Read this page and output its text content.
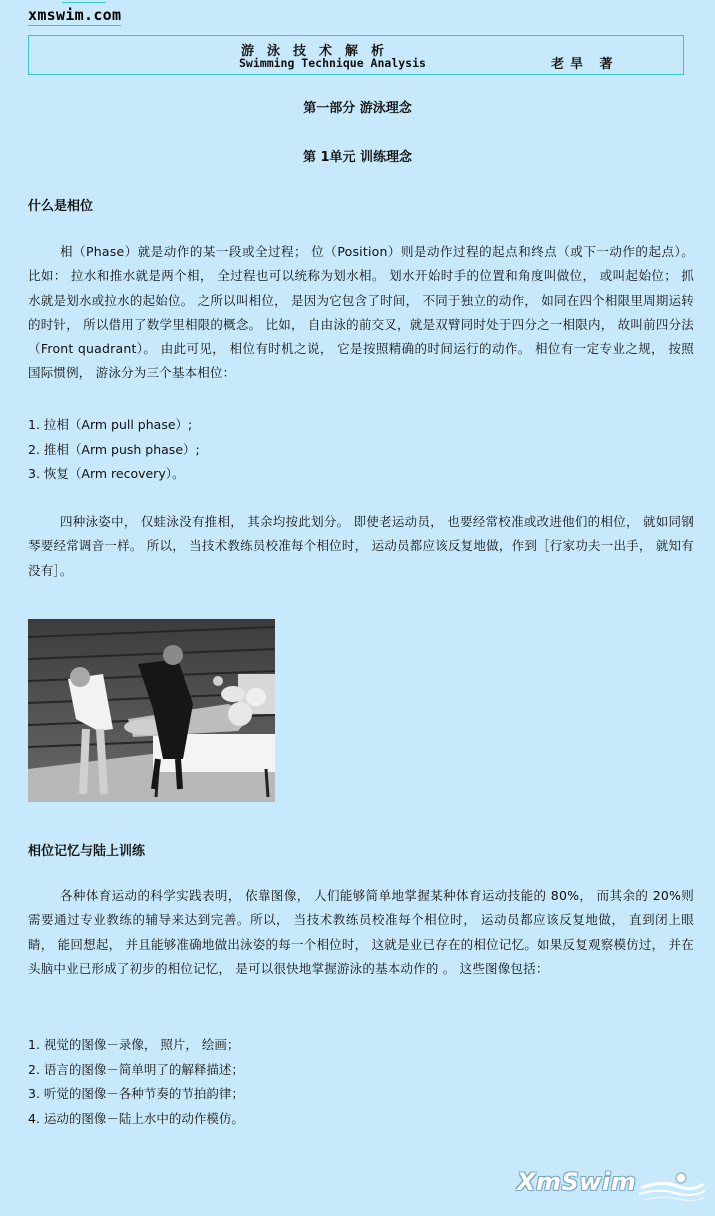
xmswim.com
游泳技术解析
Swimming Technique Analysis	老旱 著
第一部分 游泳理念
第 1单元 训练理念
什么是相位

相（Phase）就是动作的某一段或全过程； 位（Position）则是动作过程的起点和终点（或下一动作的起点）。 比如： 拉水和推水就是两个相， 全过程也可以统称为划水相。 划水开始时手的位置和角度叫做位， 或叫起始位； 抓水就是划水或拉水的起始位。 之所以叫相位， 是因为它包含了时间， 不同于独立的动作， 如同在四个相限里周期运转的时针， 所以借用了数学里相限的概念。 比如， 自由泳的前交叉，就是双臂同时处于四分之一相限内， 故叫前四分法（Front quadrant）。 由此可见， 相位有时机之说， 它是按照精确的时间运行的动作。 相位有一定专业之规， 按照国际惯例， 游泳分为三个基本相位：

1. 拉相（Arm pull phase）;
2. 推相（Arm push phase）;
3. 恢复（Arm recovery）。

四种泳姿中， 仅蛙泳没有推相， 其余均按此划分。 即使老运动员， 也要经常校准或改进他们的相位， 就如同钢琴要经常调音一样。 所以， 当技术教练员校准每个相位时， 运动员都应该反复地做，作到［行家功夫一出手， 就知有没有］。

相位记忆与陆上训练

各种体育运动的科学实践表明， 依靠图像， 人们能够简单地掌握某种体育运动技能的 80%， 而其余的 20%则需要通过专业教练的辅导来达到完善。所以， 当技术教练员校准每个相位时， 运动员都应该反复地做， 直到闭上眼睛， 能回想起， 并且能够准确地做出泳姿的每一个相位时， 这就是业已存在的相位记忆。如果反复观察模仿过， 并在头脑中业已形成了初步的相位记忆， 是可以很快地掌握游泳的基本动作的 。 这些图像包括：

1. 视觉的图像－录像， 照片， 绘画；
2. 语言的图像－简单明了的解释描述；
3. 听觉的图像－各种节奏的节拍韵律；
4. 运动的图像－陆上水中的动作模仿。
XmSwim
